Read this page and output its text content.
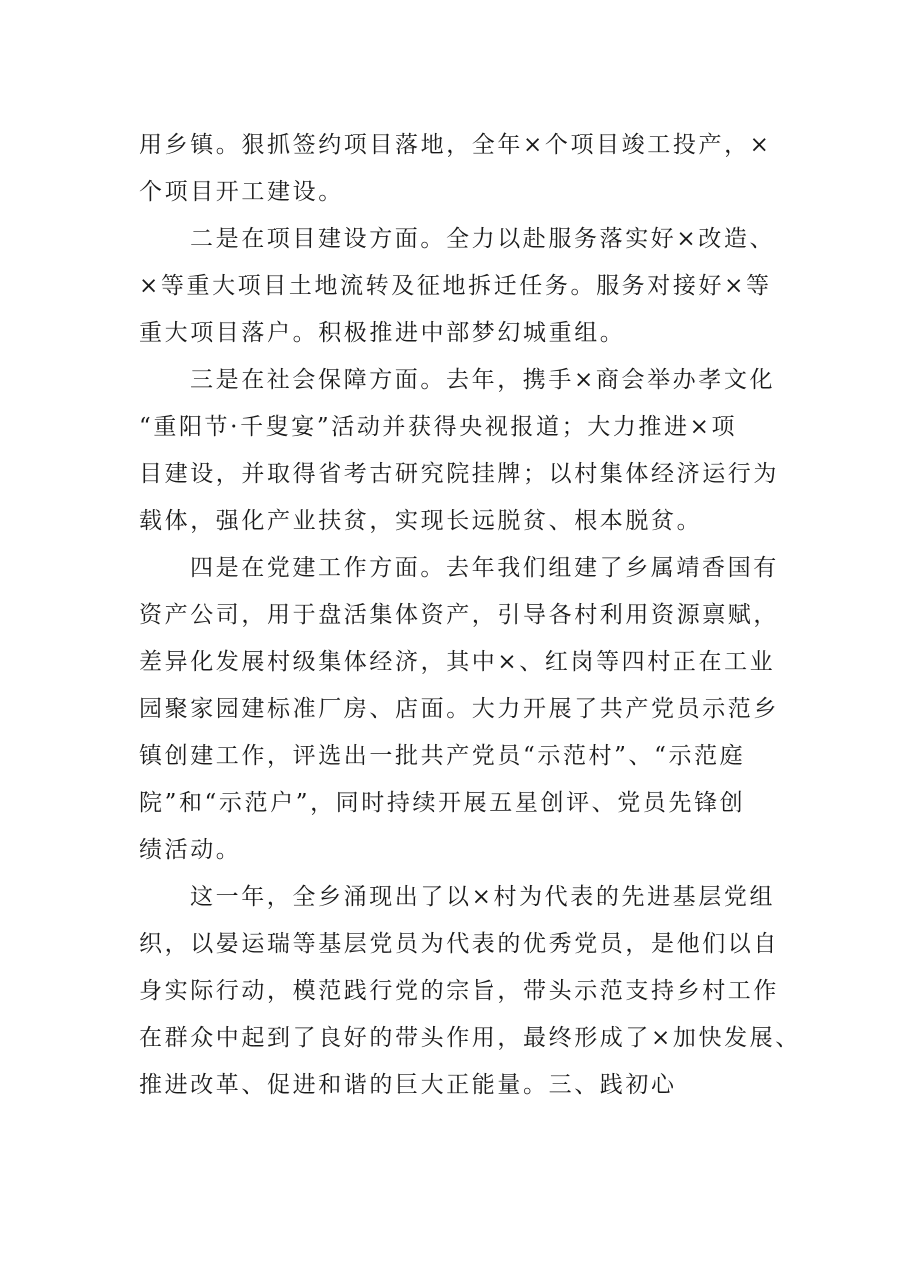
用乡镇。狠抓签约项目落地，全年×个项目竣工投产，×
个项目开工建设。
二是在项目建设方面。全力以赴服务落实好×改造、
×等重大项目土地流转及征地拆迁任务。服务对接好×等
重大项目落户。积极推进中部梦幻城重组。
三是在社会保障方面。去年，携手×商会举办孝文化
“重阳节·千叟宴”活动并获得央视报道；大力推进×项
目建设，并取得省考古研究院挂牌；以村集体经济运行为
载体，强化产业扶贫，实现长远脱贫、根本脱贫。
四是在党建工作方面。去年我们组建了乡属靖香国有
资产公司，用于盘活集体资产，引导各村利用资源禀赋，
差异化发展村级集体经济，其中×、红岗等四村正在工业
园聚家园建标准厂房、店面。大力开展了共产党员示范乡
镇创建工作，评选出一批共产党员“示范村”、“示范庭
院”和“示范户”，同时持续开展五星创评、党员先锋创
绩活动。
这一年，全乡涌现出了以×村为代表的先进基层党组
织，以晏运瑞等基层党员为代表的优秀党员，是他们以自
身实际行动，模范践行党的宗旨，带头示范支持乡村工作
在群众中起到了良好的带头作用，最终形成了×加快发展、
推进改革、促进和谐的巨大正能量。三、践初心
